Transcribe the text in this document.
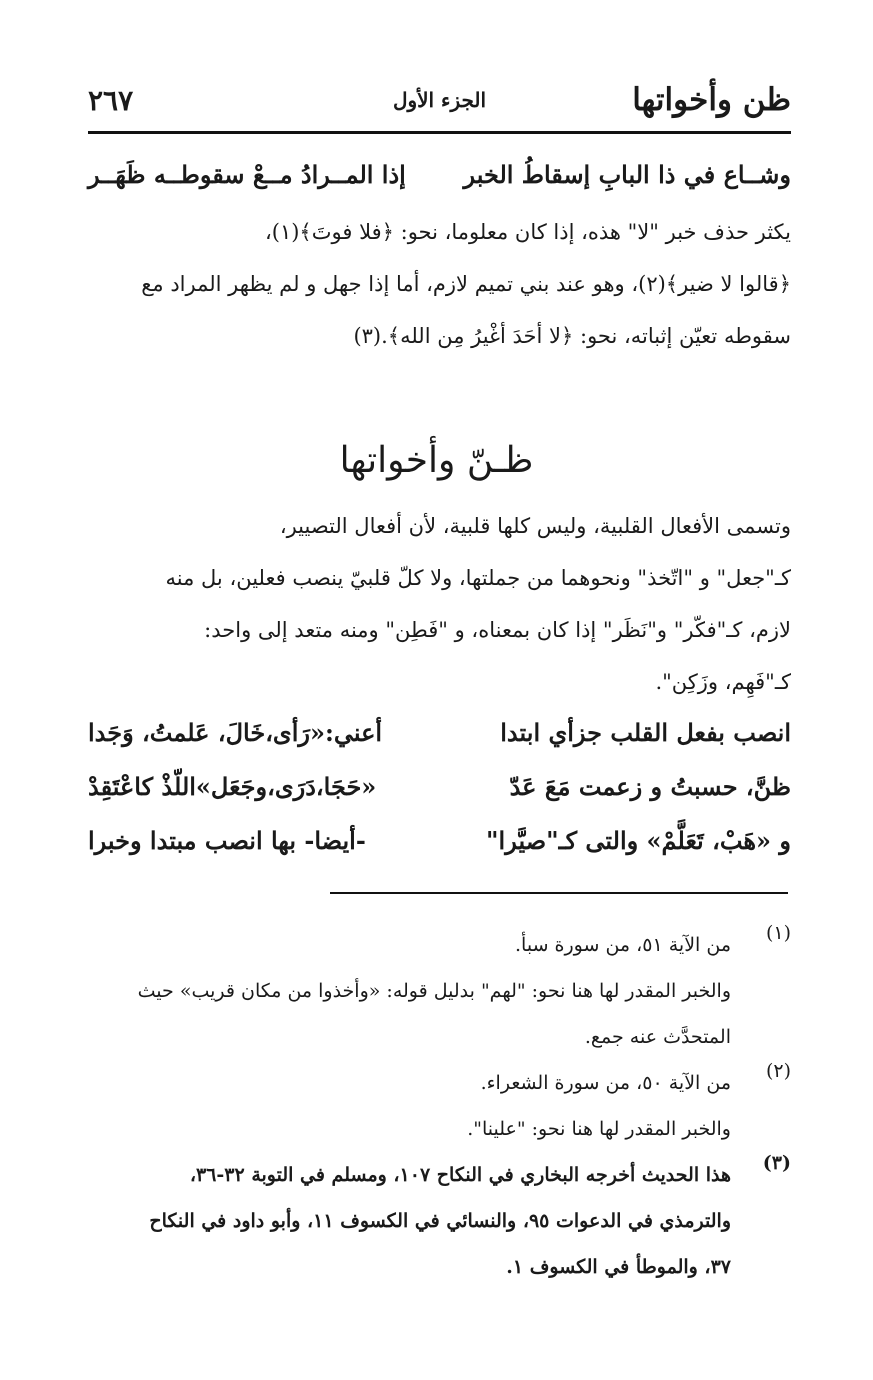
ظن وأخواتها
الجزء الأول
٢٦٧
وشــاع في ذا البابِ إسقاطُ الخبر
إذا المــرادُ مــعْ سقوطــه ظَهَــر
يكثر حذف خبر "لا" هذه، إذا كان معلوما، نحو: ﴿فلا فوتَ﴾(١)،
﴿قالوا لا ضير﴾(٢)، وهو عند بني تميم لازم، أما إذا جهل و لم يظهر المراد مع
سقوطه تعيّن إثباته، نحو: ﴿لا أحَدَ أغْيرُ مِن الله﴾.(٣)
ظـنّ وأخواتها
وتسمى الأفعال القلبية، وليس كلها قلبية، لأن أفعال التصيير،
كـ"جعل" و "اتّخذ" ونحوهما من جملتها، ولا كلّ قلبيّ ينصب فعلين، بل منه
لازم، كـ"فكّر" و"نَظَر" إذا كان بمعناه، و "فَطِن" ومنه متعد إلى واحد:
كـ"فَهِم، وزَكِن".
انصب بفعل القلب جزأي ابتدا
أعني:«رَأى،خَالَ، عَلمتُ، وَجَدا
ظنَّ، حسبتُ و زعمت مَعَ عَدّ
«حَجَا،دَرَى،وجَعَل»اللّذْ كاعْتَقِدْ
و «هَبْ، تَعَلَّمْ» والتى كـ"صيَّرا"
-أيضا- بها انصب مبتدا وخبرا
(١)
من الآية ٥١، من سورة سبأ.
والخبر المقدر لها هنا نحو: "لهم" بدليل قوله: «وأخذوا من مكان قريب» حيث
المتحدَّث عنه جمع.
(٢)
من الآية ٥٠، من سورة الشعراء.
والخبر المقدر لها هنا نحو: "علينا".
(٣)
هذا الحديث أخرجه البخاري في النكاح ١٠٧، ومسلم في التوبة ٣٢-٣٦،
والترمذي في الدعوات ٩٥، والنسائي في الكسوف ١١، وأبو داود في النكاح
٣٧، والموطأ في الكسوف ١.
